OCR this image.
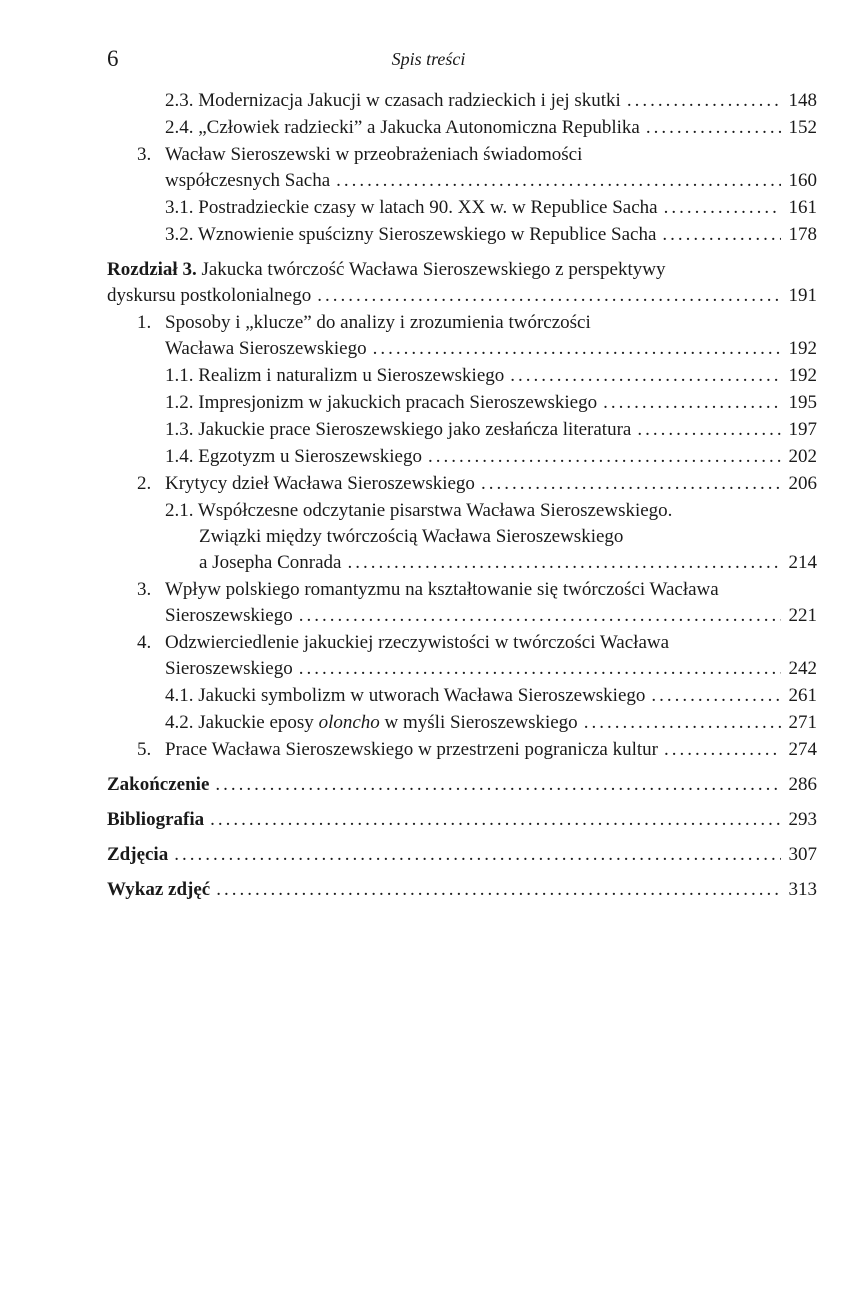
6	Spis treści
2.3. Modernizacja Jakucji w czasach radzieckich i jej skutki .....	148
2.4. „Człowiek radziecki” a Jakucka Autonomiczna Republika .....	152
3. Wacław Sieroszewski w przeobrażeniach świadomości
współczesnych Sacha .....	160
3.1. Postradzieckie czasy w latach 90. XX w. w Republice Sacha .....	161
3.2. Wznowienie spuścizny Sieroszewskiego w Republice Sacha .....	178
Rozdział 3. Jakucka twórczość Wacława Sieroszewskiego z perspektywy
dyskursu postkolonialnego .....	191
1. Sposoby i „klucze” do analizy i zrozumienia twórczości
Wacława Sieroszewskiego .....	192
1.1. Realizm i naturalizm u Sieroszewskiego .....	192
1.2. Impresjonizm w jakuckich pracach Sieroszewskiego .....	195
1.3. Jakuckie prace Sieroszewskiego jako zesłańcza literatura .....	197
1.4. Egzotyzm u Sieroszewskiego .....	202
2. Krytycy dzieł Wacława Sieroszewskiego .....	206
2.1. Współczesne odczytanie pisarstwa Wacława Sieroszewskiego.
Związki między twórczością Wacława Sieroszewskiego
a Josepha Conrada .....	214
3. Wpływ polskiego romantyzmu na kształtowanie się twórczości Wacława
Sieroszewskiego .....	221
4. Odzwierciedlenie jakuckiej rzeczywistości w twórczości Wacława
Sieroszewskiego .....	242
4.1. Jakucki symbolizm w utworach Wacława Sieroszewskiego .....	261
4.2. Jakuckie eposy oloncho w myśli Sieroszewskiego .....	271
5. Prace Wacława Sieroszewskiego w przestrzeni pogranicza kultur .....	274
Zakończenie .....	286
Bibliografia .....	293
Zdjęcia .....	307
Wykaz zdjęć .....	313
